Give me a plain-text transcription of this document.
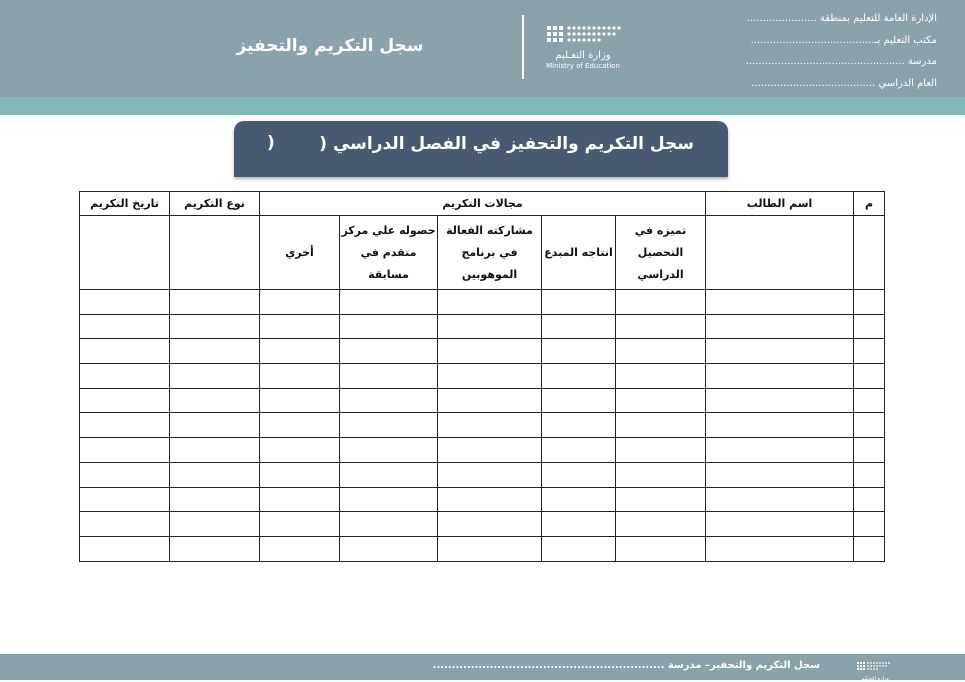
الإدارة العامة للتعليم بمنطقة ......................
مكتب التعليم بـ.......................................
مدرسة ..................................................
العام الدراسي .......................................
وزارة التعـليم
Ministry of Education
سجل التكريم والتحفيز
سجل التكريم والتحفيز في الفصل الدراسي (
)
م	اسم الطالب	مجالات التكريم					نوع التكريم	تاريخ التكريم
		تميزه في التحصيل الدراسي	انتاجه المبدع	مشاركته الفعالة في برنامج الموهوبين	حصوله علي مركز متقدم في مسابقة	أخري		

سجل التكريم والتحفيز– مدرسة .............................................................
وزارة التعـليم
